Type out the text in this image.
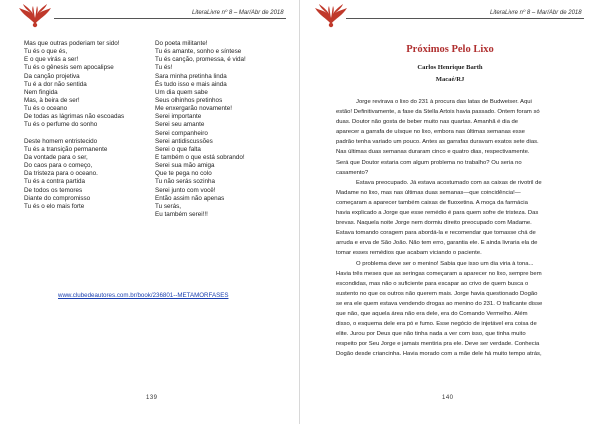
LiteraLivre nº 8 – Mar/Abr de 2018
Mas que outras poderiam ter sido!
Tu és o que és,
E o que virás a ser!
Tu és o gênesis sem apocalipse
Da canção projetiva
Tu é a dor não sentida
Nem fingida
Mas, à beira de ser!
Tu és o oceano
De todas as lágrimas não escoadas
Tu és o perfume do sonho
Deste homem entristecido
Tu és a transição permanente
Da vontade para o ser,
Do caos para o começo,
Da tristeza para o oceano.
Tu és a contra partida
De todos os temores
Diante do compromisso
Tu és o elo mais forte
Do poeta militante!
Tu és amante, sonho e síntese
Tu és canção, promessa, é vida!
Tu és!
Sara minha pretinha linda
És tudo isso e mais ainda
Um dia quem sabe
Seus olhinhos pretinhos
Me enxergarão novamente!
Serei importante
Serei seu amante
Serei companheiro
Serei antidiscussões
Serei o que falta
E também o que está sobrando!
Serei sua mão amiga
Que te pega no colo
Tu não serás sozinha
Serei junto com você!
Então assim não apenas
Tu serás,
Eu também serei!!!
www.clubedeautores.com.br/book/236801--METAMORFASES
139
LiteraLivre nº 8 – Mar/Abr de 2018
Próximos Pelo Lixo
Carlos Henrique Barth
Macaé/RJ
Jorge revirava o lixo do 231 à procura das latas de Budweiser. Aqui
estão! Definitivamente, a fase da Stella Artois havia passado. Ontem foram só
duas. Doutor não gosta de beber muito nas quartas. Amanhã é dia de
aparecer a garrafa de uísque no lixo, embora nas últimas semanas esse
padrão tenha variado um pouco. Antes as garrafas duravam exatos sete dias.
Nas últimas duas semanas duraram cinco e quatro dias, respectivamente.
Será que Doutor estaria com algum problema no trabalho? Ou seria no
casamento?
Estava preocupado. Já estava acostumado com as caixas de rivotril de
Madame no lixo, mas nas últimas duas semanas—que coincidência!—
começaram a aparecer também caixas de fluoxetina. A moça da farmácia
havia explicado a Jorge que esse remédio é para quem sofre de tristeza. Das
brevas. Naquela noite Jorge nem dormiu direito preocupado com Madame.
Estava tomando coragem para abordá-la e recomendar que tomasse chá de
arruda e erva de São João. Não tem erro, garantia ele. E ainda livraria ela de
tomar esses remédios que acabam viciando o paciente.
O problema deve ser o menino! Sabia que isso um dia viria à tona...
Havia três meses que as seringas começaram a aparecer no lixo, sempre bem
escondidas, mas não o suficiente para escapar ao crivo de quem busca o
sustento no que os outros não querem mais. Jorge havia questionado Dogão
se era ele quem estava vendendo drogas ao menino do 231. O traficante disse
que não, que aquela área não era dele, era do Comando Vermelho. Além
disso, o esquema dele era pó e fumo. Esse negócio de injetável era coisa de
elite. Jurou por Deus que não tinha nada a ver com isso, que tinha muito
respeito por Seu Jorge e jamais mentiria pra ele. Deve ser verdade. Conhecia
Dogão desde criancinha. Havia morado com a mãe dele há muito tempo atrás,
140
